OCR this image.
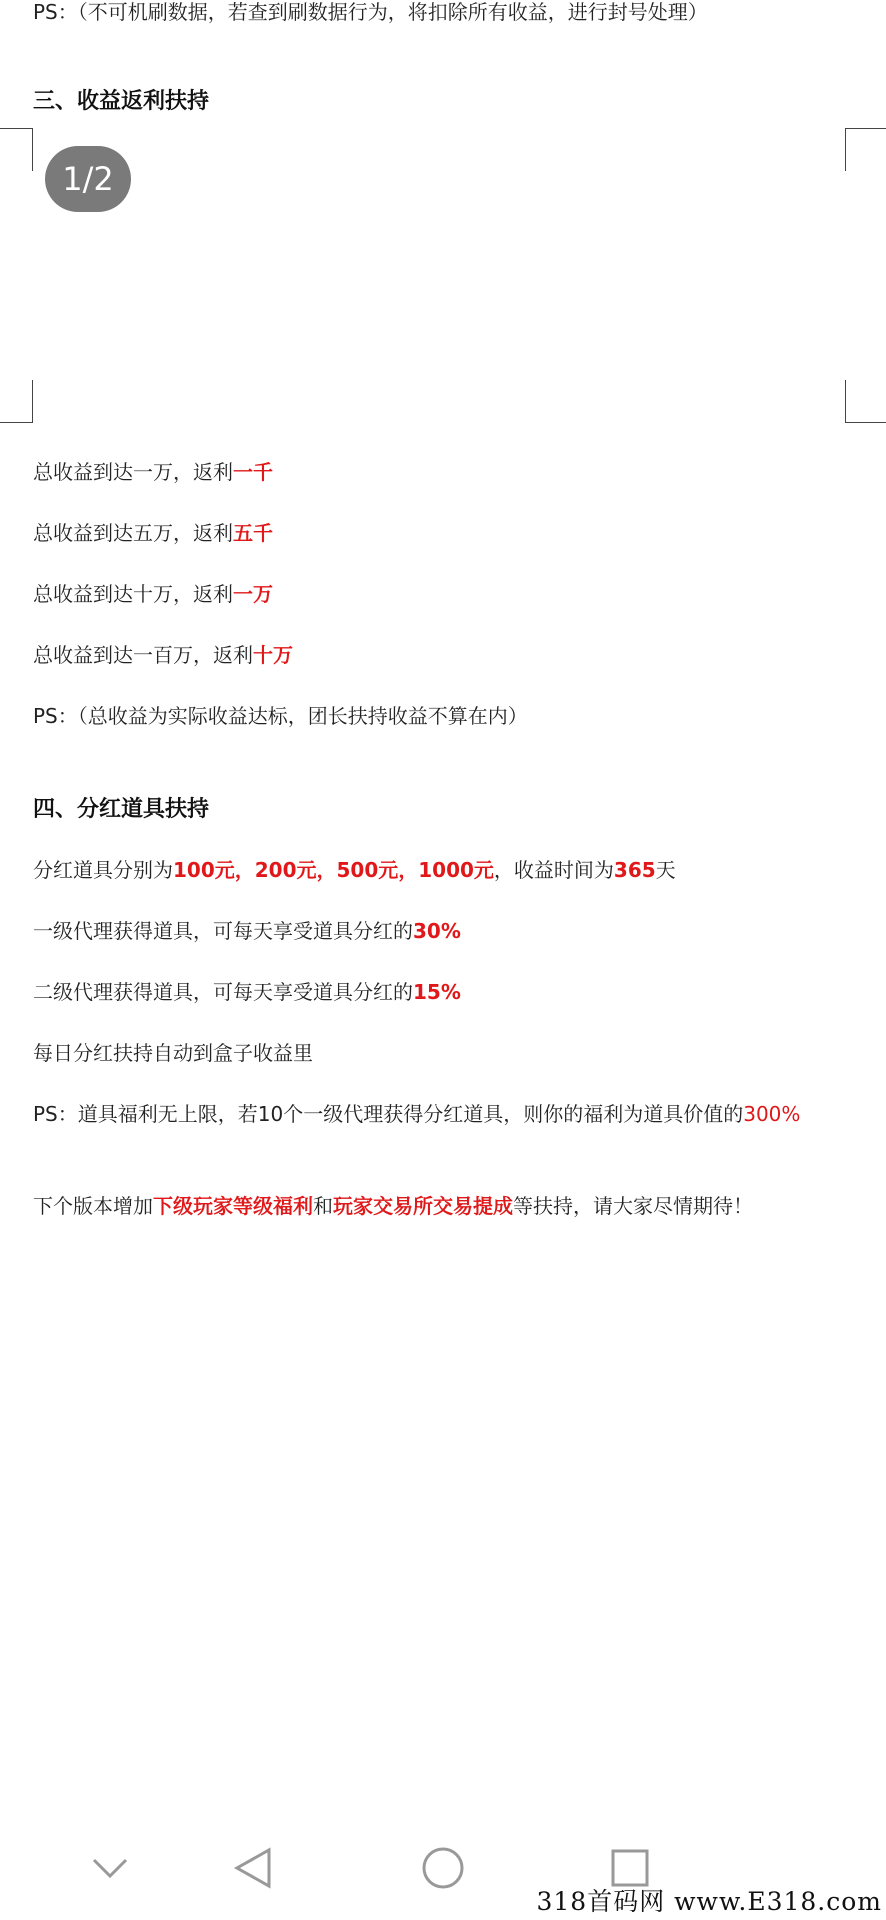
PS：（不可机刷数据，若查到刷数据行为，将扣除所有收益，进行封号处理）
三、收益返利扶持
1/2
总收益到达一万，返利一千
总收益到达五万，返利五千
总收益到达十万，返利一万
总收益到达一百万，返利十万
PS：（总收益为实际收益达标，团长扶持收益不算在内）
四、分红道具扶持
分红道具分别为100元，200元，500元，1000元，收益时间为365天
一级代理获得道具，可每天享受道具分红的30%
二级代理获得道具，可每天享受道具分红的15%
每日分红扶持自动到盒子收益里
PS：道具福利无上限，若10个一级代理获得分红道具，则你的福利为道具价值的300%
下个版本增加下级玩家等级福利和玩家交易所交易提成等扶持，请大家尽情期待！
318首码网 www.E318.com
